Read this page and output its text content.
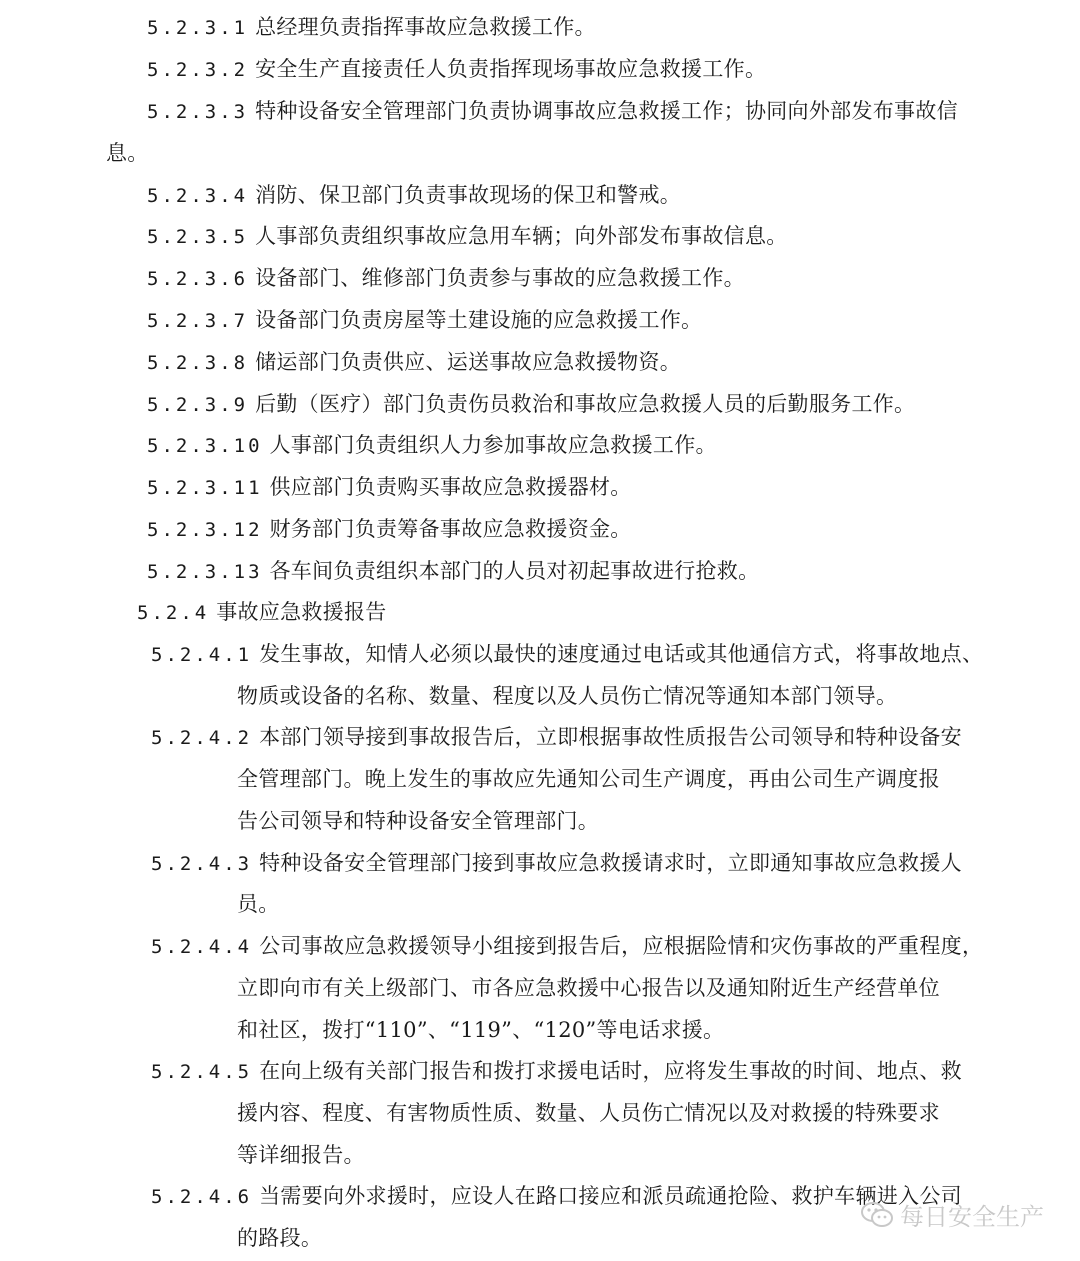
5.2.3.1 总经理负责指挥事故应急救援工作。
5.2.3.2 安全生产直接责任人负责指挥现场事故应急救援工作。
5.2.3.3 特种设备安全管理部门负责协调事故应急救援工作；协同向外部发布事故信
息。
5.2.3.4 消防、保卫部门负责事故现场的保卫和警戒。
5.2.3.5 人事部负责组织事故应急用车辆；向外部发布事故信息。
5.2.3.6 设备部门、维修部门负责参与事故的应急救援工作。
5.2.3.7 设备部门负责房屋等土建设施的应急救援工作。
5.2.3.8 储运部门负责供应、运送事故应急救援物资。
5.2.3.9 后勤（医疗）部门负责伤员救治和事故应急救援人员的后勤服务工作。
5.2.3.10 人事部门负责组织人力参加事故应急救援工作。
5.2.3.11 供应部门负责购买事故应急救援器材。
5.2.3.12 财务部门负责筹备事故应急救援资金。
5.2.3.13 各车间负责组织本部门的人员对初起事故进行抢救。
5.2.4 事故应急救援报告
5.2.4.1 发生事故，知情人必须以最快的速度通过电话或其他通信方式，将事故地点、
物质或设备的名称、数量、程度以及人员伤亡情况等通知本部门领导。
5.2.4.2 本部门领导接到事故报告后，立即根据事故性质报告公司领导和特种设备安
全管理部门。晚上发生的事故应先通知公司生产调度，再由公司生产调度报
告公司领导和特种设备安全管理部门。
5.2.4.3 特种设备安全管理部门接到事故应急救援请求时，立即通知事故应急救援人
员。
5.2.4.4 公司事故应急救援领导小组接到报告后，应根据险情和灾伤事故的严重程度，
立即向市有关上级部门、市各应急救援中心报告以及通知附近生产经营单位
和社区，拨打“110”、“119”、“120”等电话求援。
5.2.4.5 在向上级有关部门报告和拨打求援电话时，应将发生事故的时间、地点、救
援内容、程度、有害物质性质、数量、人员伤亡情况以及对救援的特殊要求
等详细报告。
5.2.4.6 当需要向外求援时，应设人在路口接应和派员疏通抢险、救护车辆进入公司
的路段。
每日安全生产
